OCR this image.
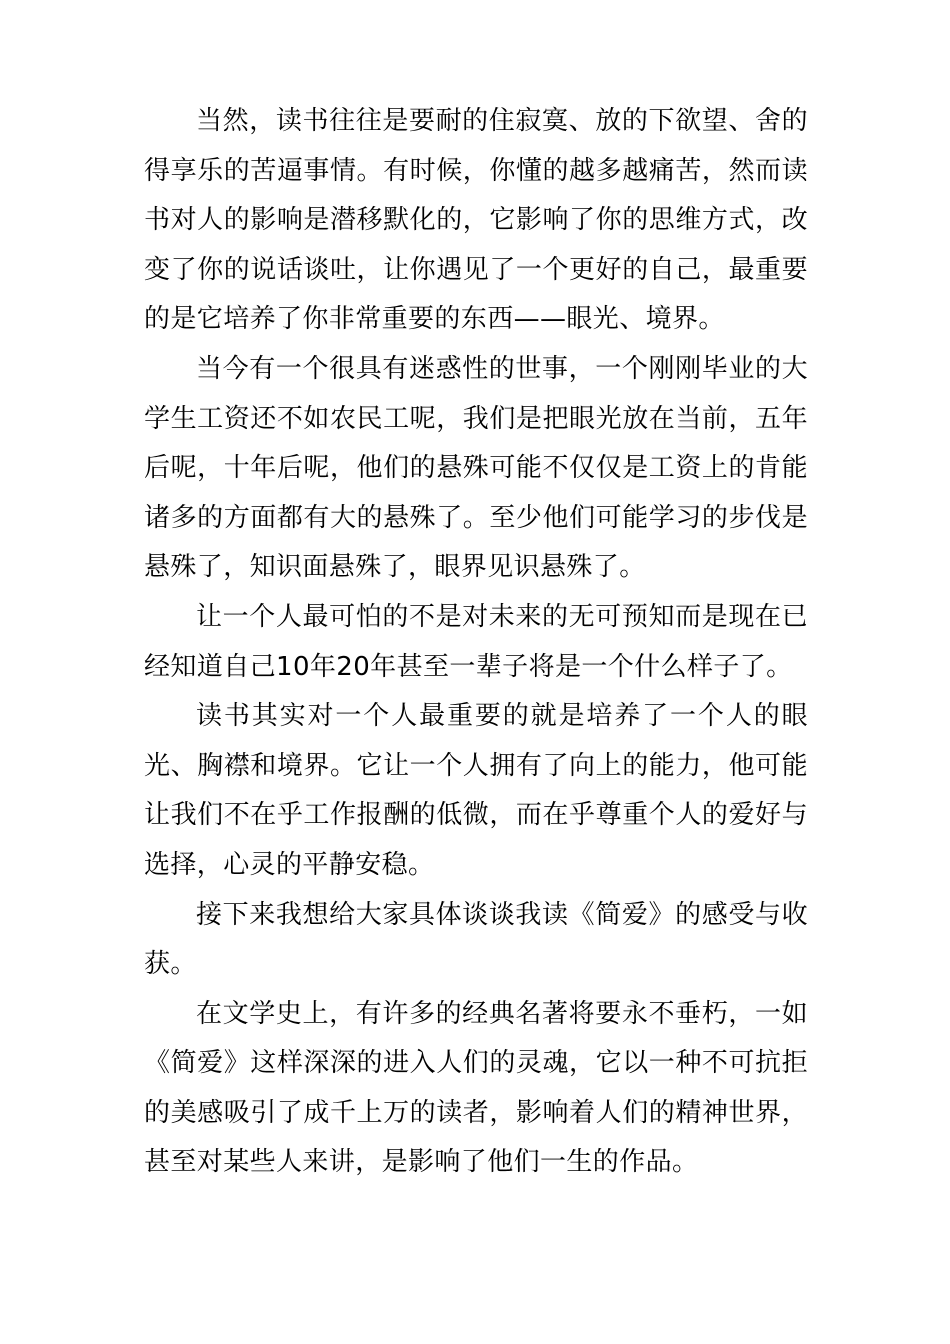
当然，读书往往是要耐的住寂寞、放的下欲望、舍的得享乐的苦逼事情。有时候，你懂的越多越痛苦，然而读书对人的影响是潜移默化的，它影响了你的思维方式，改变了你的说话谈吐，让你遇见了一个更好的自己，最重要的是它培养了你非常重要的东西——眼光、境界。

当今有一个很具有迷惑性的世事，一个刚刚毕业的大学生工资还不如农民工呢，我们是把眼光放在当前，五年后呢，十年后呢，他们的悬殊可能不仅仅是工资上的肯能诸多的方面都有大的悬殊了。至少他们可能学习的步伐是悬殊了，知识面悬殊了，眼界见识悬殊了。

让一个人最可怕的不是对未来的无可预知而是现在已经知道自己10年20年甚至一辈子将是一个什么样子了。

读书其实对一个人最重要的就是培养了一个人的眼光、胸襟和境界。它让一个人拥有了向上的能力，他可能让我们不在乎工作报酬的低微，而在乎尊重个人的爱好与选择，心灵的平静安稳。

接下来我想给大家具体谈谈我读《简爱》的感受与收获。

在文学史上，有许多的经典名著将要永不垂朽，一如《简爱》这样深深的进入人们的灵魂，它以一种不可抗拒的美感吸引了成千上万的读者，影响着人们的精神世界，甚至对某些人来讲，是影响了他们一生的作品。
